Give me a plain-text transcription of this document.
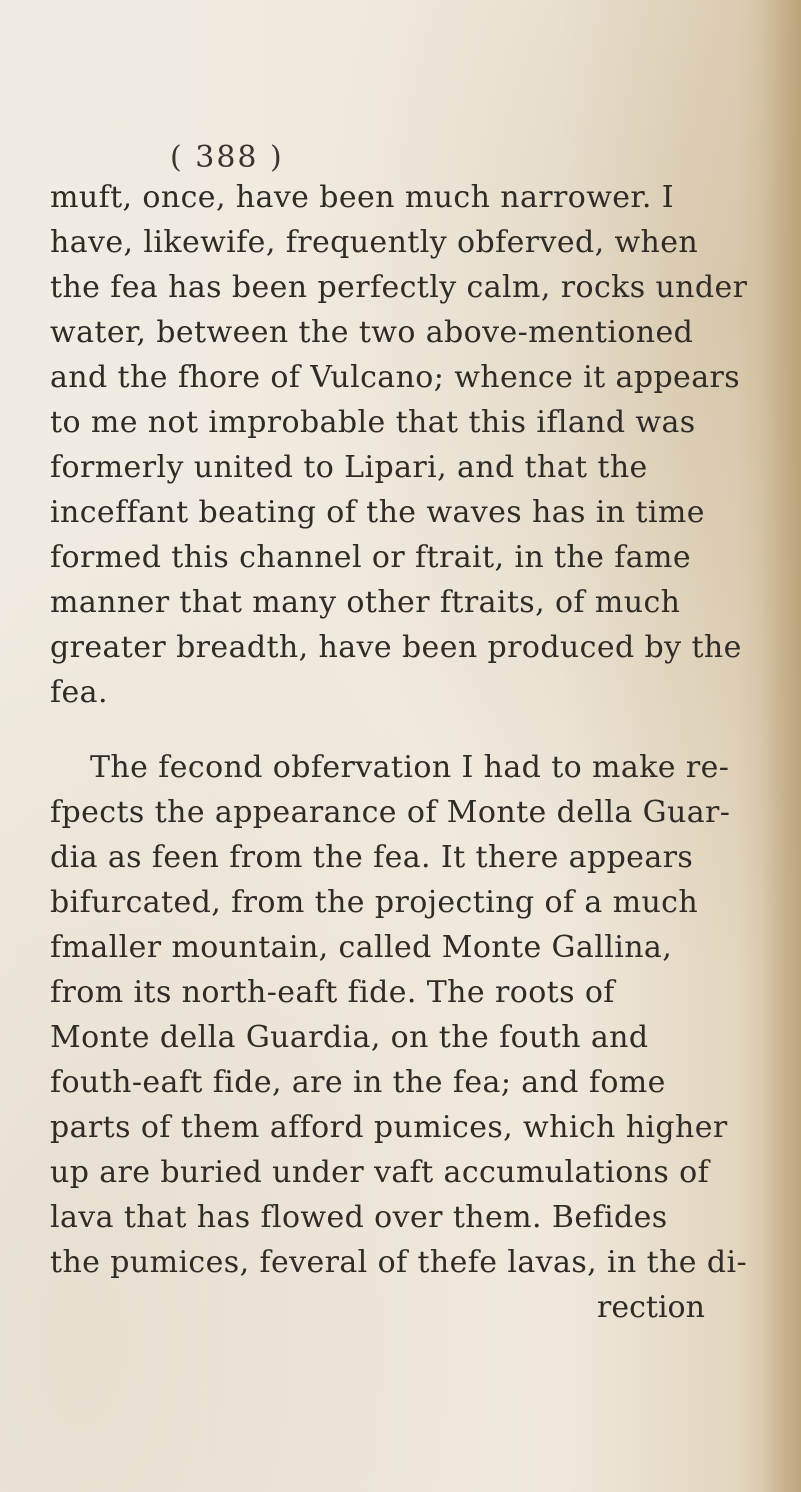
( 388 )
muft, once, have been much narrower. I
have, likewife, frequently obferved, when
the fea has been perfectly calm, rocks under
water, between the two above-mentioned
and the fhore of Vulcano; whence it appears
to me not improbable that this ifland was
formerly united to Lipari, and that the
inceffant beating of the waves has in time
formed this channel or ftrait, in the fame
manner that many other ftraits, of much
greater breadth, have been produced by the
fea.
The fecond obfervation I had to make re-
fpects the appearance of Monte della Guar-
dia as feen from the fea. It there appears
bifurcated, from the projecting of a much
fmaller mountain, called Monte Gallina,
from its north-eaft fide. The roots of
Monte della Guardia, on the fouth and
fouth-eaft fide, are in the fea; and fome
parts of them afford pumices, which higher
up are buried under vaft accumulations of
lava that has flowed over them. Befides
the pumices, feveral of thefe lavas, in the di-
rection
